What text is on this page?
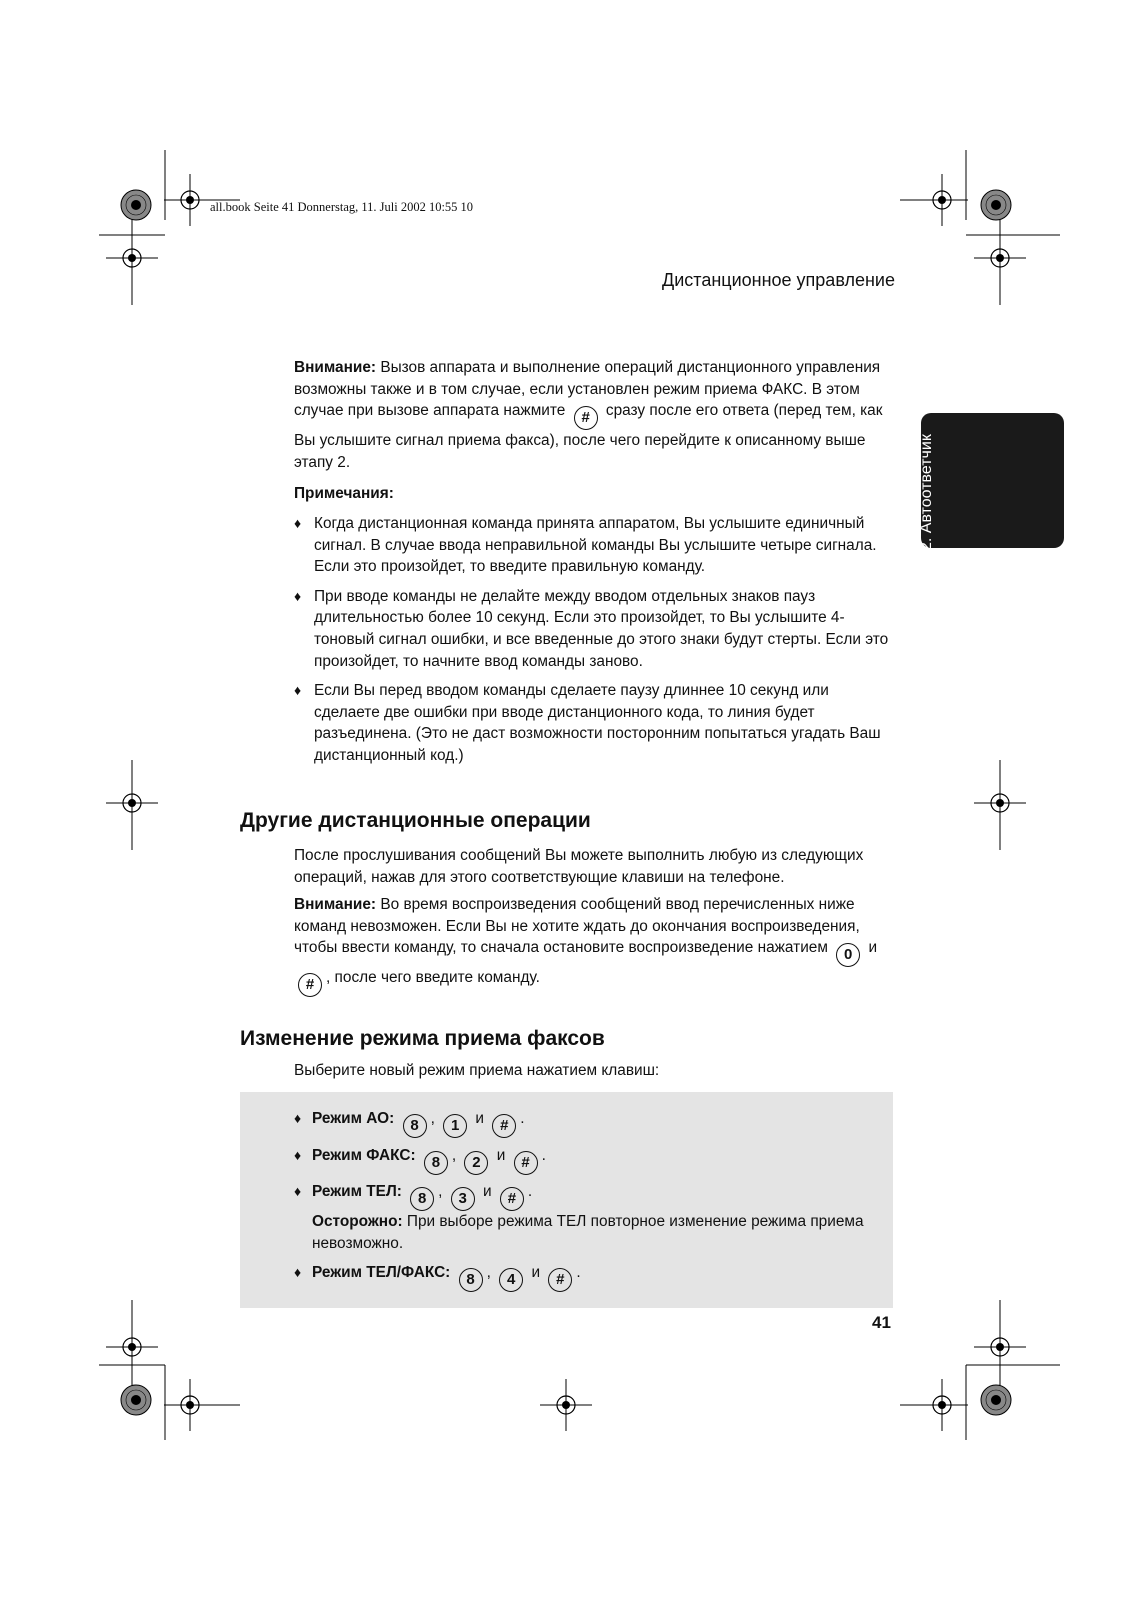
all.book Seite 41 Donnerstag, 11. Juli 2002 10:55 10
Дистанционное управление
2. Автоответчик

Внимание: Вызов аппарата и выполнение операций дистанционного управления возможны также и в том случае, если установлен режим приема ФАКС. В этом случае при вызове аппарата нажмите # сразу после его ответа (перед тем, как Вы услышите сигнал приема факса), после чего перейдите к описанному выше этапу 2.

Примечания:

♦ Когда дистанционная команда принята аппаратом, Вы услышите единичный сигнал. В случае ввода неправильной команды Вы услышите четыре сигнала. Если это произойдет, то введите правильную команду.
♦ При вводе команды не делайте между вводом отдельных знаков пауз длительностью более 10 секунд. Если это произойдет, то Вы услышите 4-тоновый сигнал ошибки, и все введенные до этого знаки будут стерты. Если это произойдет, то начните ввод команды заново.
♦ Если Вы перед вводом команды сделаете паузу длиннее 10 секунд или сделаете две ошибки при вводе дистанционного кода, то линия будет разъединена. (Это не даст возможности посторонним попытаться угадать Ваш дистанционный код.)
Другие дистанционные операции

После прослушивания сообщений Вы можете выполнить любую из следующих операций, нажав для этого соответствующие клавиши на телефоне.

Внимание: Во время воспроизведения сообщений ввод перечисленных ниже команд невозможен. Если Вы не хотите ждать до окончания воспроизведения, чтобы ввести команду, то сначала остановите воспроизведение нажатием 0 и # , после чего введите команду.

Изменение режима приема факсов
Выберите новый режим приема нажатием клавиш:
♦ Режим АО: 8 , 1 и # .
♦ Режим ФАКС: 8 , 2 и # .
♦ Режим ТЕЛ: 8 , 3 и # .
Осторожно: При выборе режима ТЕЛ повторное изменение режима приема невозможно.
♦ Режим ТЕЛ/ФАКС: 8 , 4 и # .
41
